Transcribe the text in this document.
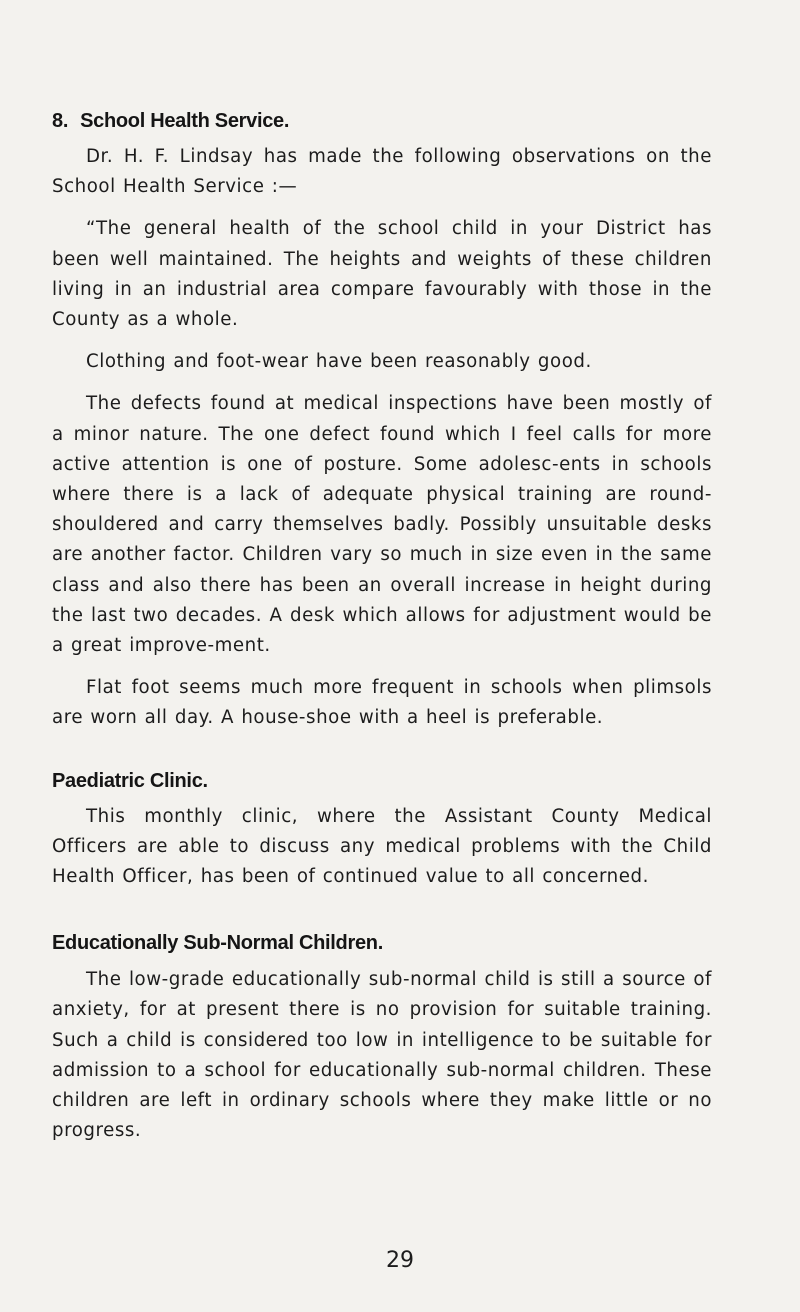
8. School Health Service.

Dr. H. F. Lindsay has made the following observations on the School Health Service :—

“The general health of the school child in your District has been well maintained. The heights and weights of these children living in an industrial area compare favourably with those in the County as a whole.

Clothing and foot-wear have been reasonably good.

The defects found at medical inspections have been mostly of a minor nature. The one defect found which I feel calls for more active attention is one of posture. Some adolesc-ents in schools where there is a lack of adequate physical training are round-shouldered and carry themselves badly. Possibly unsuitable desks are another factor. Children vary so much in size even in the same class and also there has been an overall increase in height during the last two decades. A desk which allows for adjustment would be a great improve-ment.

Flat foot seems much more frequent in schools when plimsols are worn all day. A house-shoe with a heel is preferable.

Paediatric Clinic.

This monthly clinic, where the Assistant County Medical Officers are able to discuss any medical problems with the Child Health Officer, has been of continued value to all concerned.

Educationally Sub-Normal Children.

The low-grade educationally sub-normal child is still a source of anxiety, for at present there is no provision for suitable training. Such a child is considered too low in intelligence to be suitable for admission to a school for educationally sub-normal children. These children are left in ordinary schools where they make little or no progress.

29
